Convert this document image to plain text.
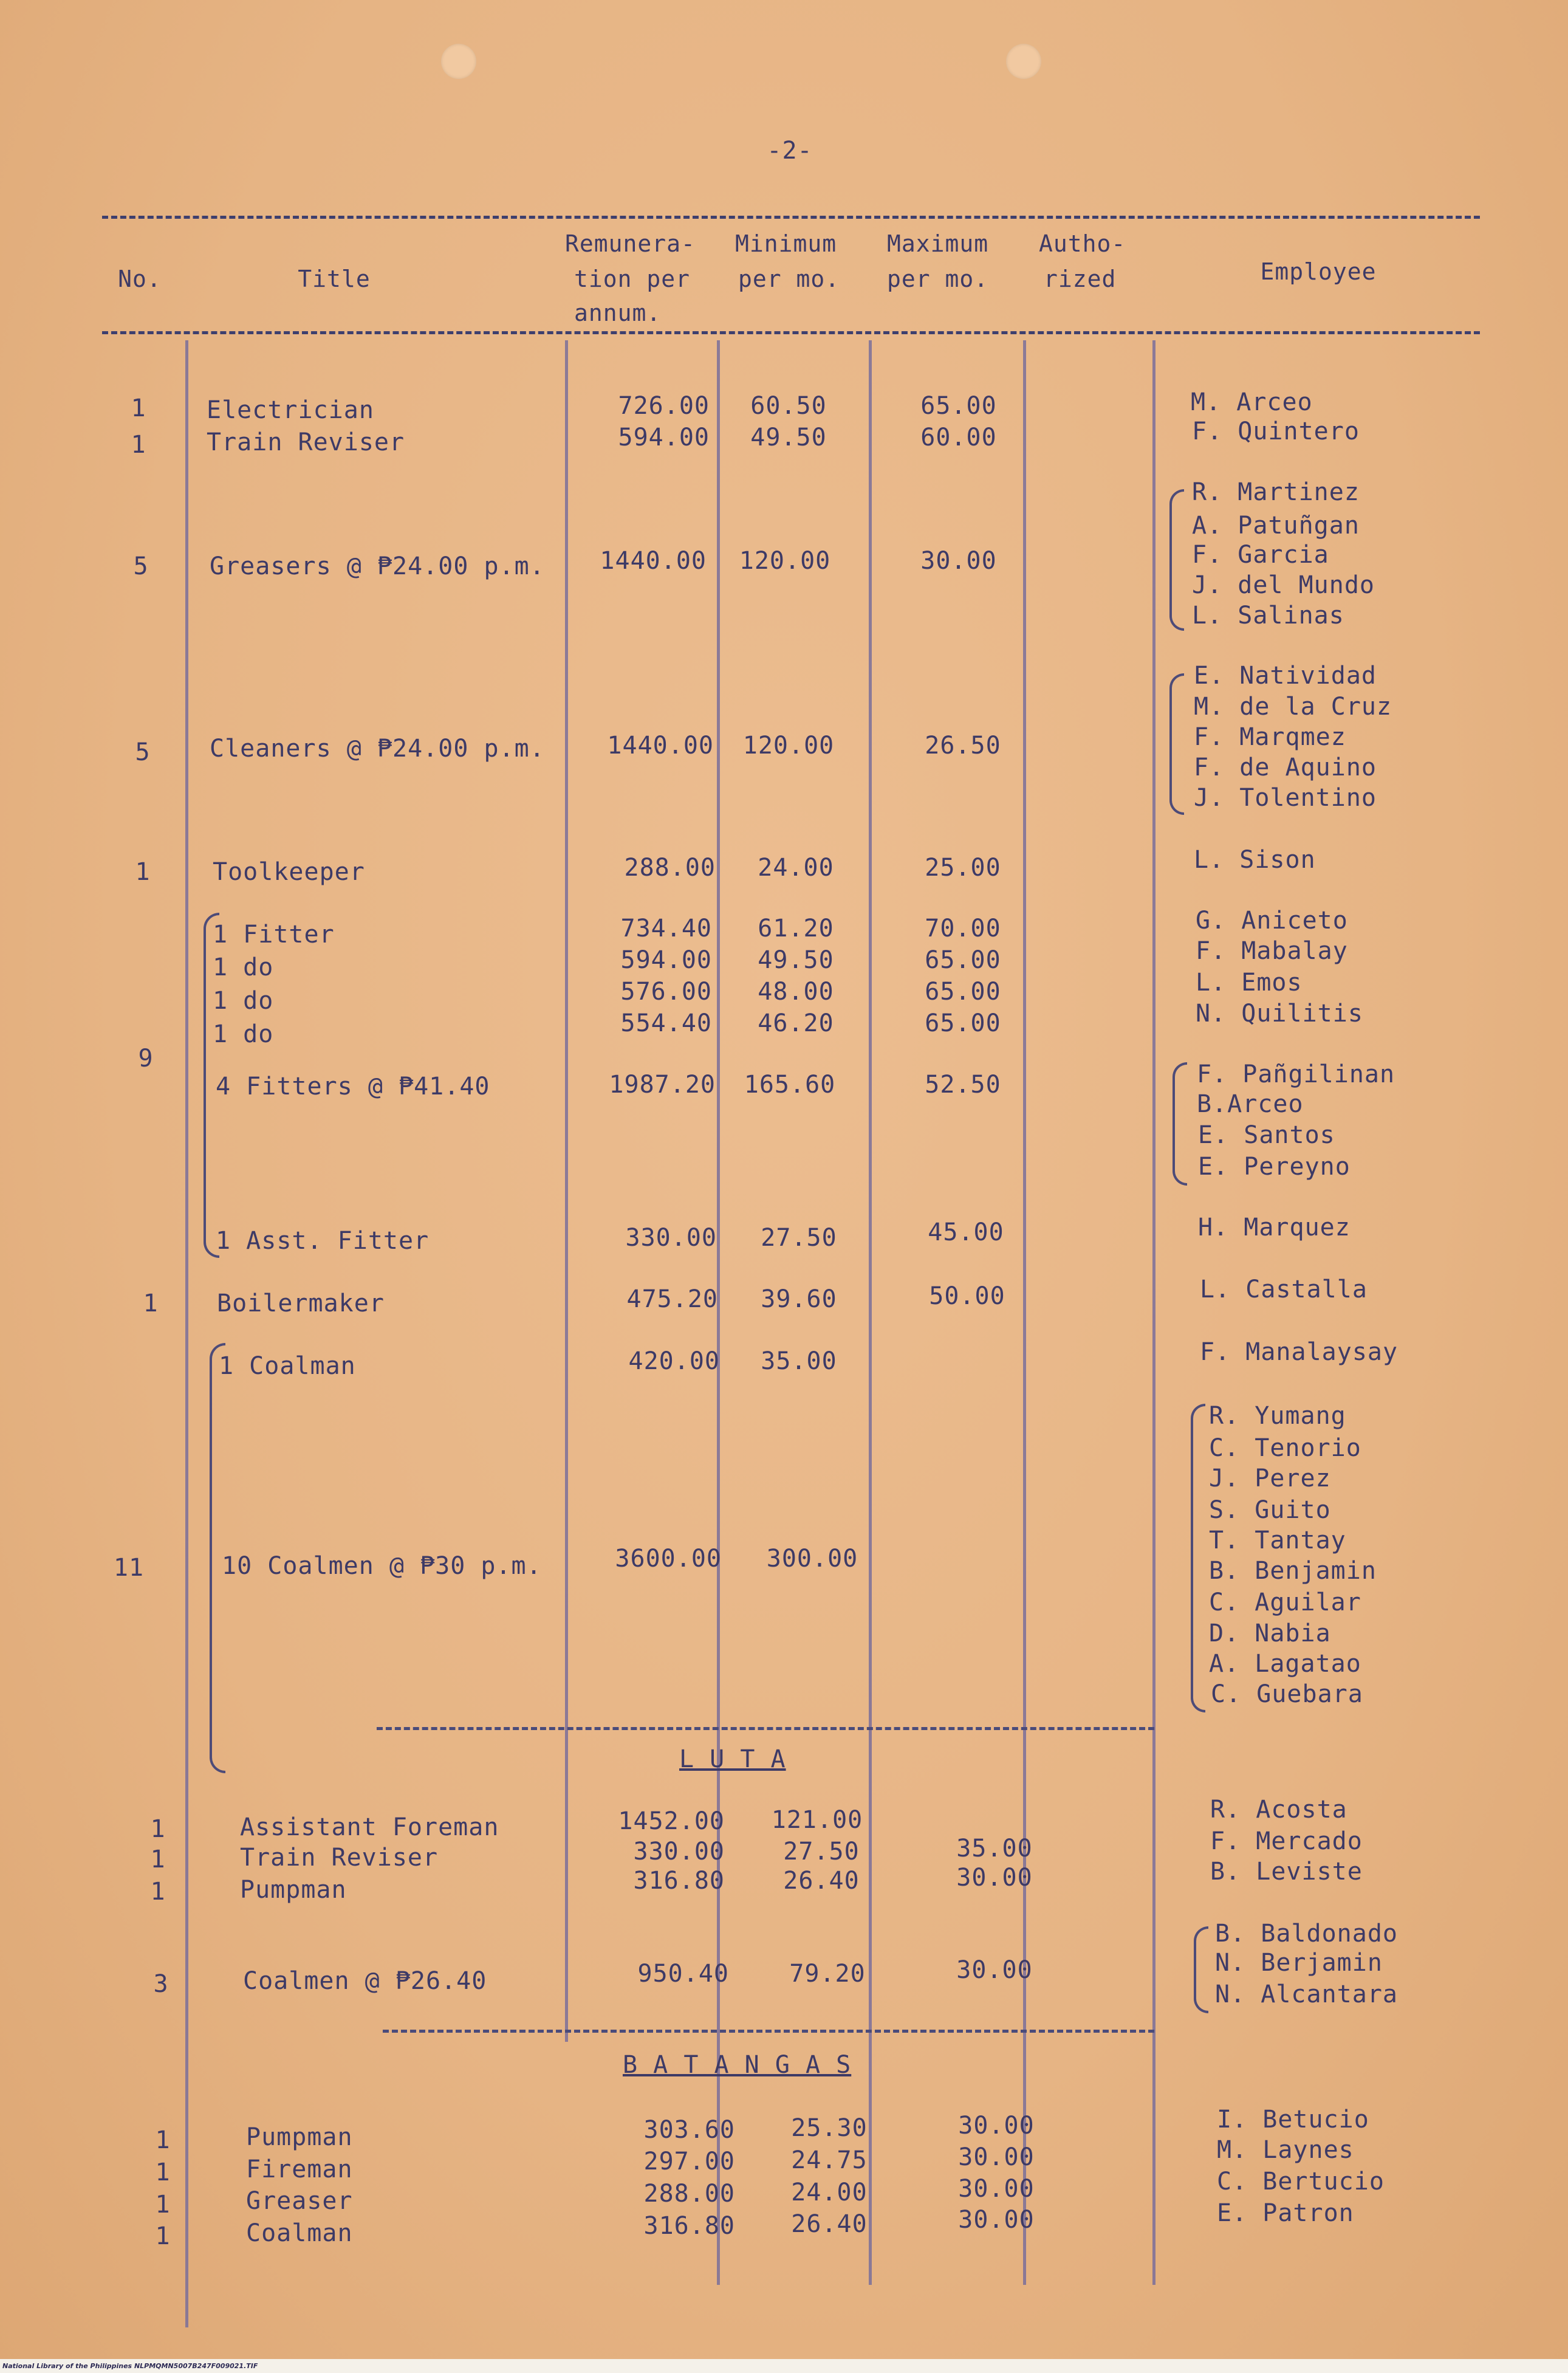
-2-
No.	Title
Remunera-
tion per
annum.
Minimum
per mo.
Maximum
per mo.
Autho-
rized	Employee
1
1
5
5
1
9
1
11
Electrician
Train Reviser
Greasers @ ₱24.00 p.m.
Cleaners @ ₱24.00 p.m.
Toolkeeper
1 Fitter
1 do
1 do
1 do
4 Fitters @ ₱41.40
1 Asst. Fitter
Boilermaker
1 Coalman
10 Coalmen @ ₱30 p.m.
726.00
594.00
1440.00
1440.00
288.00
734.40
594.00
576.00
554.40
1987.20
330.00
475.20
420.00
3600.00
60.50
49.50
120.00
120.00
24.00
61.20
49.50
48.00
46.20
165.60
27.50
39.60
35.00
300.00
65.00
60.00
30.00
26.50
25.00
70.00
65.00
65.00
65.00
52.50
45.00
50.00
M. Arceo
F. Quintero
R. Martinez
A. Patuñgan
F. Garcia
J. del Mundo
L. Salinas
E. Natividad
M. de la Cruz
F. Marqmez
F. de Aquino
J. Tolentino
L. Sison
G. Aniceto
F. Mabalay
L. Emos
N. Quilitis
F. Pañgilinan
B.Arceo
E. Santos
E. Pereyno
H. Marquez
L. Castalla
F. Manalaysay
R. Yumang
C. Tenorio
J. Perez
S. Guito
T. Tantay
B. Benjamin
C. Aguilar
D. Nabia
A. Lagatao
C. Guebara
L U T A
1
1
1
3
Assistant Foreman
Train Reviser
Pumpman
Coalmen @ ₱26.40
1452.00
330.00
316.80
950.40
121.00
27.50
26.40
79.20
35.00
30.00
30.00
R. Acosta
F. Mercado
B. Leviste
B. Baldonado
N. Berjamin
N. Alcantara
B A T A N G A S
1
1
1
1
Pumpman
Fireman
Greaser
Coalman
303.60
297.00
288.00
316.80
25.30
24.75
24.00
26.40
30.00
30.00
30.00
30.00
I. Betucio
M. Laynes
C. Bertucio
E. Patron
National Library of the Philippines NLPMQMN5007B247F009021.TIF
